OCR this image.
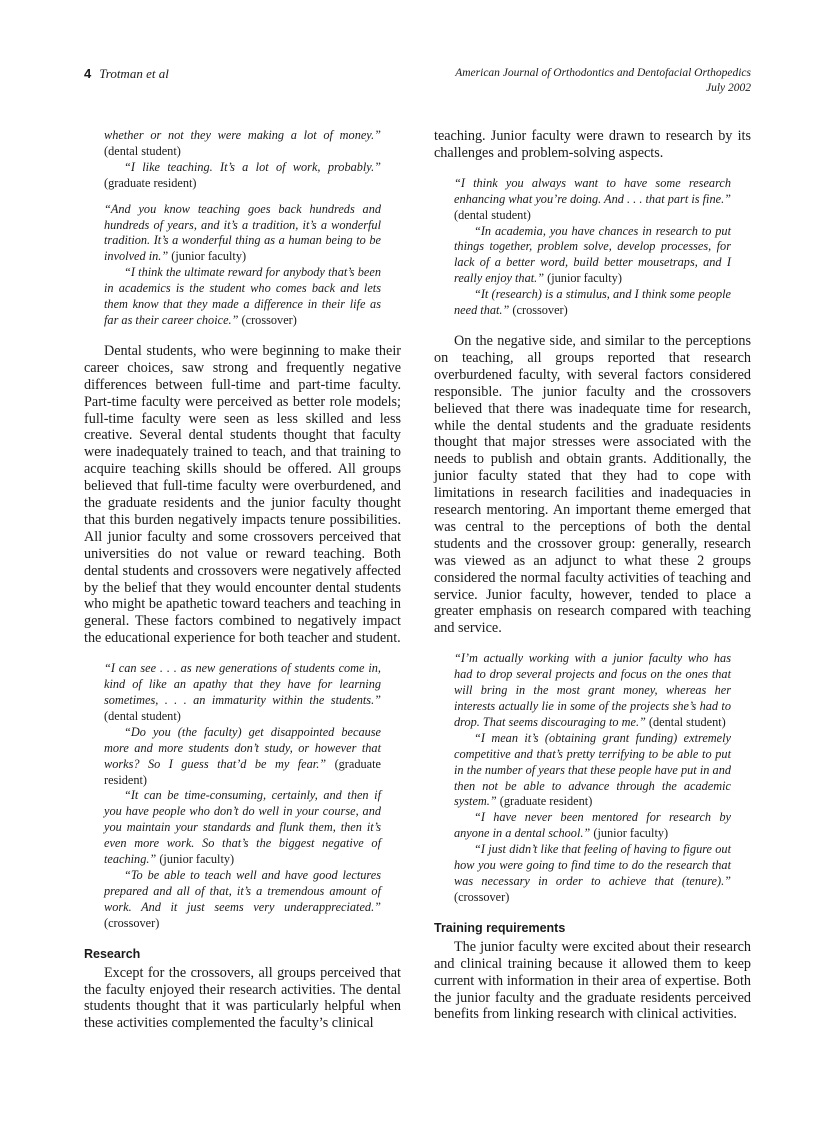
4 Trotman et al	American Journal of Orthodontics and Dentofacial Orthopedics
July 2002

whether or not they were making a lot of money.” (dental student)

“I like teaching. It’s a lot of work, probably.” (graduate resident)

“And you know teaching goes back hundreds and hundreds of years, and it’s a tradition, it’s a wonderful tradition. It’s a wonderful thing as a human being to be involved in.” (junior faculty)

“I think the ultimate reward for anybody that’s been in academics is the student who comes back and lets them know that they made a difference in their life as far as their career choice.” (crossover)

Dental students, who were beginning to make their career choices, saw strong and frequently negative differences between full-time and part-time faculty. Part-time faculty were perceived as better role models; full-time faculty were seen as less skilled and less creative. Several dental students thought that faculty were inadequately trained to teach, and that training to acquire teaching skills should be offered. All groups believed that full-time faculty were overburdened, and the graduate residents and the junior faculty thought that this burden negatively impacts tenure possibilities. All junior faculty and some crossovers perceived that universities do not value or reward teaching. Both dental students and crossovers were negatively affected by the belief that they would encounter dental students who might be apathetic toward teachers and teaching in general. These factors combined to negatively impact the educational experience for both teacher and student.

“I can see . . . as new generations of students come in, kind of like an apathy that they have for learning sometimes, . . . an immaturity within the students.” (dental student)

“Do you (the faculty) get disappointed because more and more students don’t study, or however that works? So I guess that’d be my fear.” (graduate resident)

“It can be time-consuming, certainly, and then if you have people who don’t do well in your course, and you maintain your standards and flunk them, then it’s even more work. So that’s the biggest negative of teaching.” (junior faculty)

“To be able to teach well and have good lectures prepared and all of that, it’s a tremendous amount of work. And it just seems very underappreciated.” (crossover)

Research

Except for the crossovers, all groups perceived that the faculty enjoyed their research activities. The dental students thought that it was particularly helpful when these activities complemented the faculty’s clinical

teaching. Junior faculty were drawn to research by its challenges and problem-solving aspects.

“I think you always want to have some research enhancing what you’re doing. And . . . that part is fine.” (dental student)

“In academia, you have chances in research to put things together, problem solve, develop processes, for lack of a better word, build better mousetraps, and I really enjoy that.” (junior faculty)

“It (research) is a stimulus, and I think some people need that.” (crossover)

On the negative side, and similar to the perceptions on teaching, all groups reported that research overburdened faculty, with several factors considered responsible. The junior faculty and the crossovers believed that there was inadequate time for research, while the dental students and the graduate residents thought that major stresses were associated with the needs to publish and obtain grants. Additionally, the junior faculty stated that they had to cope with limitations in research facilities and inadequacies in research mentoring. An important theme emerged that was central to the perceptions of both the dental students and the crossover group: generally, research was viewed as an adjunct to what these 2 groups considered the normal faculty activities of teaching and service. Junior faculty, however, tended to place a greater emphasis on research compared with teaching and service.

“I’m actually working with a junior faculty who has had to drop several projects and focus on the ones that will bring in the most grant money, whereas her interests actually lie in some of the projects she’s had to drop. That seems discouraging to me.” (dental student)

“I mean it’s (obtaining grant funding) extremely competitive and that’s pretty terrifying to be able to put in the number of years that these people have put in and then not be able to advance through the academic system.” (graduate resident)

“I have never been mentored for research by anyone in a dental school.” (junior faculty)

“I just didn’t like that feeling of having to figure out how you were going to find time to do the research that was necessary in order to achieve that (tenure).” (crossover)

Training requirements

The junior faculty were excited about their research and clinical training because it allowed them to keep current with information in their area of expertise. Both the junior faculty and the graduate residents perceived benefits from linking research with clinical activities.
